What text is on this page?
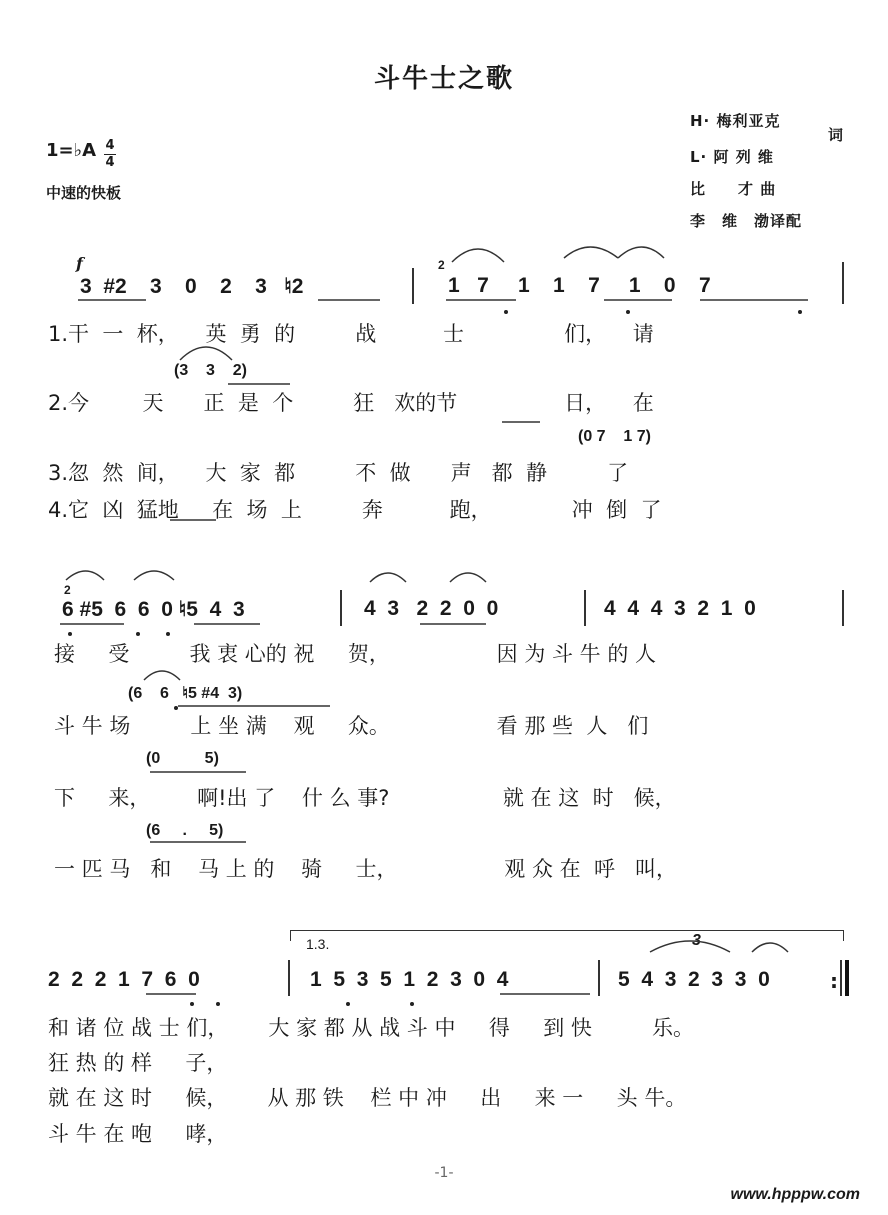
斗牛士之歌
1=♭A 4
4
中速的快板
H· 梅利亚克
L· 阿 列 维
词
比　　才 曲
李　维　渤译配
f
3  #2    3    0    2    3   ♮2
2
1   7     1    1    7     1    0    7
1.干  一  杯，    英  勇  的         战          士               们，    请
(3    3    2)
2.今        天      正  是  个         狂   欢的节                日，    在
(0 7    1 7)
3.忽  然  间，    大  家  都         不  做      声   都  静         了
4.它  凶  猛地     在  场  上         奔          跑，            冲  倒  了
2
6 #5  6  6  0 ♮5  4  3	4  3   2  2  0  0	4  4  4  3  2  1  0
接     受         我 衷 心的 祝     贺，                因 为 斗 牛 的 人
(6    6   ♮5 #4  3)
斗 牛 场         上 坐 满    观     众。                看 那 些  人   们
(0          5)
下     来，       啊!出 了    什 么 事?                 就 在 这  时   候，
(6     .     5)
一 匹 马   和    马 上 的    骑     士，                观 众 在  呼   叫，
1.3.
2  2  2  1  7  6  0	1  5  3  5  1  2  3  0  4
3
5  4  3  2  3  3  0	:
和 诸 位 战 士 们，      大 家 都 从 战 斗 中     得     到 快         乐。
狂 热 的 样     子，
就 在 这 时     候，      从 那 铁    栏 中 冲     出     来 一     头 牛。
斗 牛 在 咆     哮，
-1-
www.hpppw.com
